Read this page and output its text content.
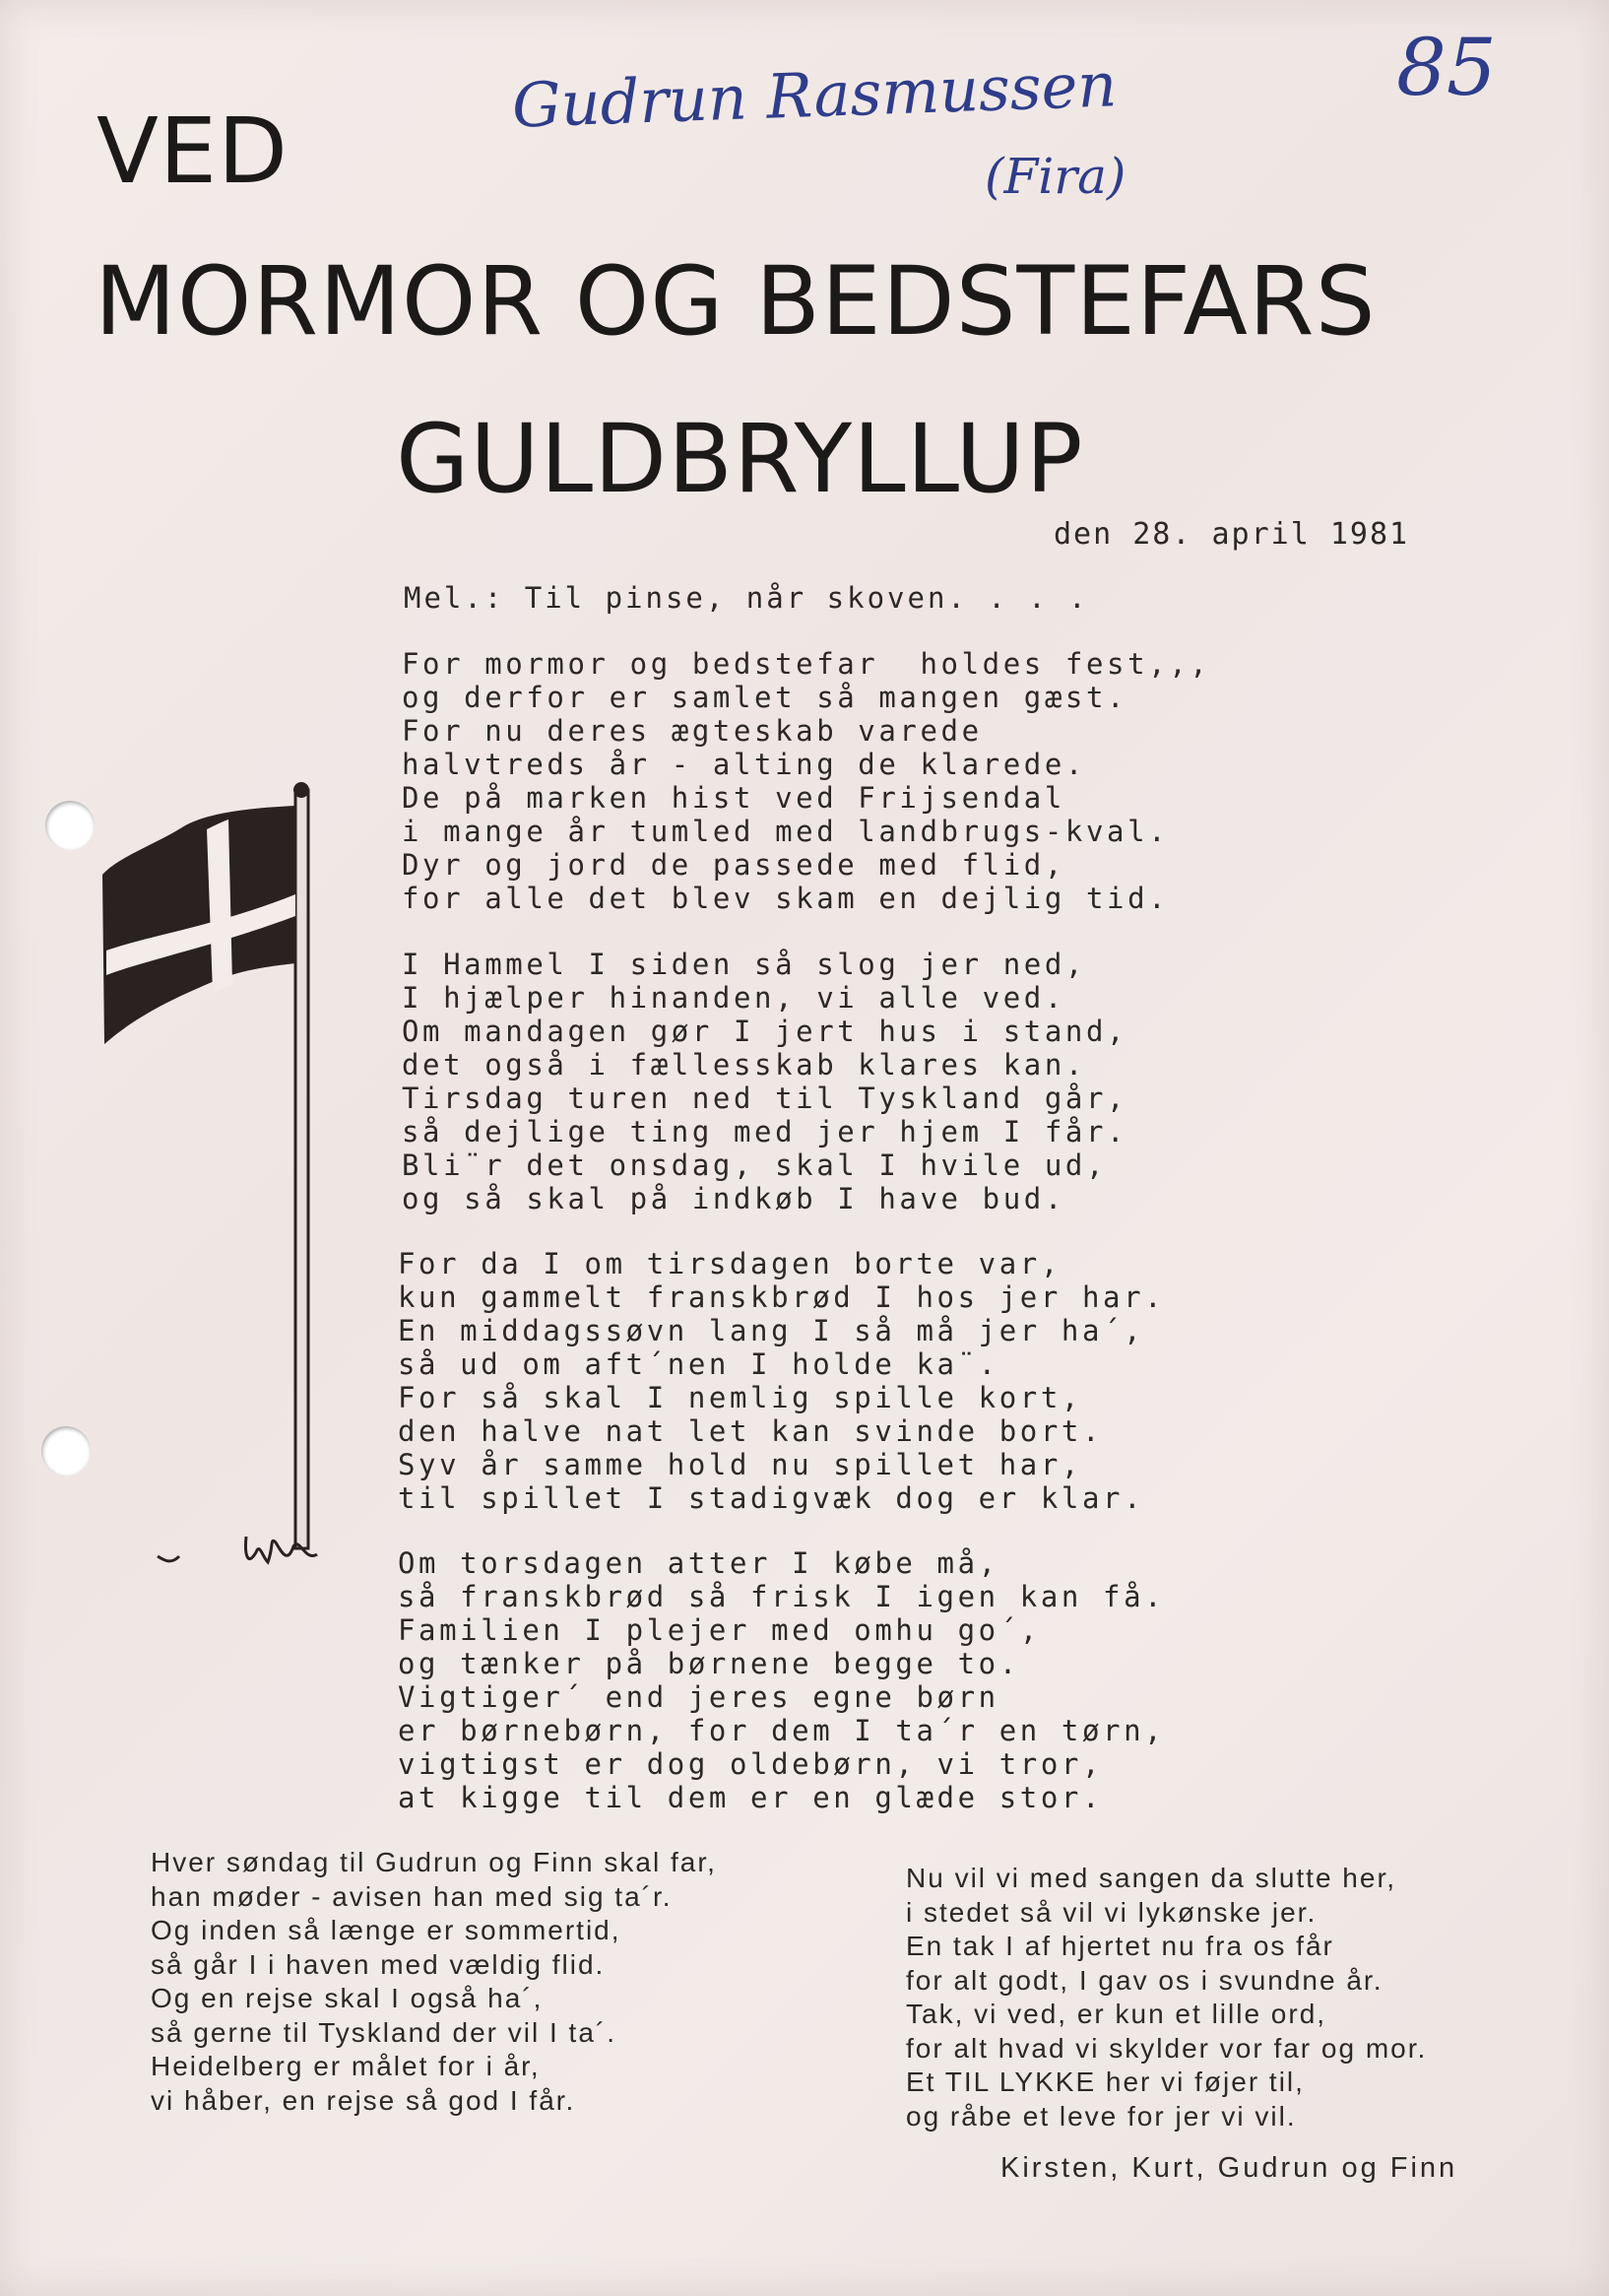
Gudrun Rasmussen
(Fira)
85
VED
MORMOR OG BEDSTEFARS
GULDBRYLLUP
den 28. april 1981
Mel.: Til pinse, når skoven. . . .
For mormor og bedstefar  holdes fest,,,
og derfor er samlet så mangen gæst.
For nu deres ægteskab varede
halvtreds år - alting de klarede.
De på marken hist ved Frijsendal
i mange år tumled med landbrugs-kval.
Dyr og jord de passede med flid,
for alle det blev skam en dejlig tid.
I Hammel I siden så slog jer ned,
I hjælper hinanden, vi alle ved.
Om mandagen gør I jert hus i stand,
det også i fællesskab klares kan.
Tirsdag turen ned til Tyskland går,
så dejlige ting med jer hjem I får.
Bli¨r det onsdag, skal I hvile ud,
og så skal på indkøb I have bud.
For da I om tirsdagen borte var,
kun gammelt franskbrød I hos jer har.
En middagssøvn lang I så må jer ha´,
så ud om aft´nen I holde ka¨.
For så skal I nemlig spille kort,
den halve nat let kan svinde bort.
Syv år samme hold nu spillet har,
til spillet I stadigvæk dog er klar.
Om torsdagen atter I købe må,
så franskbrød så frisk I igen kan få.
Familien I plejer med omhu go´,
og tænker på børnene begge to.
Vigtiger´ end jeres egne børn
er børnebørn, for dem I ta´r en tørn,
vigtigst er dog oldebørn, vi tror,
at kigge til dem er en glæde stor.
Hver søndag til Gudrun og Finn skal far,
han møder - avisen han med sig ta´r.
Og inden så længe er sommertid,
så går I i haven med vældig flid.
Og en rejse skal I også ha´,
så gerne til Tyskland der vil I ta´.
Heidelberg er målet for i år,
vi håber, en rejse så god I får.
Nu vil vi med sangen da slutte her,
i stedet så vil vi lykønske jer.
En tak I af hjertet nu fra os får
for alt godt, I gav os i svundne år.
Tak, vi ved, er kun et lille ord,
for alt hvad vi skylder vor far og mor.
Et TIL LYKKE her vi føjer til,
og råbe et leve for jer vi vil.
Kirsten, Kurt, Gudrun og Finn
